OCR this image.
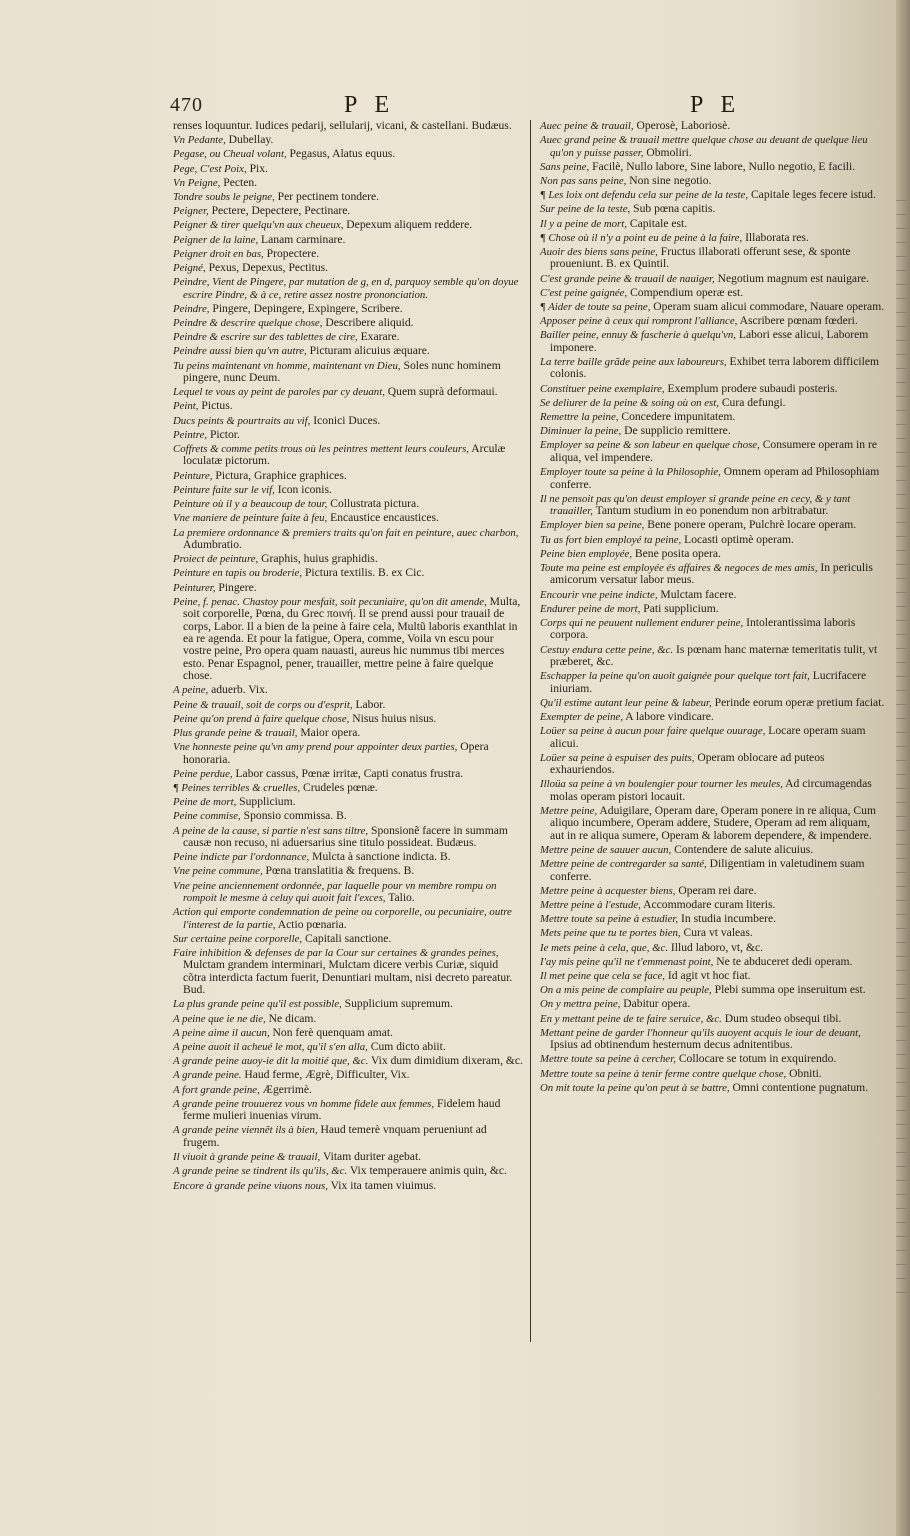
470	P E	P E
renses loquuntur. Iudices pedarij, sellularij, vicani, & castellani. Budæus.
Vn Pedante, Dubellay.
Pegase, ou Cheual volant, Pegasus, Alatus equus.
Pege, C'est Poix, Pix.
Vn Peigne, Pecten.
Tondre soubs le peigne, Per pectinem tondere.
Peigner, Pectere, Depectere, Pectinare.
Peigner & tirer quelqu'vn aux cheueux, Depexum aliquem reddere.
Peigner de la laine, Lanam carminare.
Peigner droit en bas, Propectere.
Peigné, Pexus, Depexus, Pectitus.
Peindre, Vient de Pingere, par mutation de g, en d, parquoy semble qu'on doyue escrire Pindre, & à ce, retire assez nostre prononciation.
Peindre, Pingere, Depingere, Expingere, Scribere.
Peindre & descrire quelque chose, Describere aliquid.
Peindre & escrire sur des tablettes de cire, Exarare.
Peindre aussi bien qu'vn autre, Picturam alicuius æquare.
Tu peins maintenant vn homme, maintenant vn Dieu, Soles nunc hominem pingere, nunc Deum.
Lequel te vous ay peint de paroles par cy deuant, Quem suprà deformaui.
Peint, Pictus.
Ducs peints & pourtraits au vif, Iconici Duces.
Peintre, Pictor.
Coffrets & comme petits trous où les peintres mettent leurs couleurs, Arculæ loculatæ pictorum.
Peinture, Pictura, Graphice graphices.
Peinture faite sur le vif, Icon iconis.
Peinture où il y a beaucoup de tour, Collustrata pictura.
Vne maniere de peinture faite à feu, Encaustice encaustices.
La premiere ordonnance & premiers traits qu'on fait en peinture, auec charbon, Adumbratio.
Proiect de peinture, Graphis, huius graphidis.
Peinture en tapis ou broderie, Pictura textilis. B. ex Cic.
Peinturer, Pingere.
Peine, f. penac. Chastoy pour mesfait, soit pecuniaire, qu'on dit amende, Multa, soit corporelle, Pœna, du Grec ποινή. Il se prend aussi pour trauail de corps, Labor. Il a bien de la peine à faire cela, Multũ laboris exanthlat in ea re agenda. Et pour la fatigue, Opera, comme, Voila vn escu pour vostre peine, Pro opera quam nauasti, aureus hic nummus tibi merces esto. Penar Espagnol, pener, trauailler, mettre peine à faire quelque chose.
A peine, aduerb. Vix.
Peine & trauail, soit de corps ou d'esprit, Labor.
Peine qu'on prend à faire quelque chose, Nisus huius nisus.
Plus grande peine & trauail, Maior opera.
Vne honneste peine qu'vn amy prend pour appointer deux parties, Opera honoraria.
Peine perdue, Labor cassus, Pœnæ irritæ, Capti conatus frustra.
¶ Peines terribles & cruelles, Crudeles pœnæ.
Peine de mort, Supplicium.
Peine commise, Sponsio commissa. B.
A peine de la cause, si partie n'est sans tiltre, Sponsionẽ facere in summam causæ non recuso, ni aduersarius sine titulo possideat. Budæus.
Peine indicte par l'ordonnance, Mulcta à sanctione indicta. B.
Vne peine commune, Pœna translatitia & frequens. B.
Vne peine anciennement ordonnée, par laquelle pour vn membre rompu on rompoit le mesme à celuy qui auoit fait l'exces, Talio.
Action qui emporte condemnation de peine ou corporelle, ou pecuniaire, outre l'interest de la partie, Actio pœnaria.
Sur certaine peine corporelle, Capitali sanctione.
Faire inhibition & defenses de par la Cour sur certaines & grandes peines, Mulctam grandem interminari, Mulctam dicere verbis Curiæ, siquid cõtra interdicta factum fuerit, Denuntiari multam, nisi decreto pareatur. Bud.
La plus grande peine qu'il est possible, Supplicium supremum.
A peine que ie ne die, Ne dicam.
A peine aime il aucun, Non ferè quenquam amat.
A peine auoit il acheué le mot, qu'il s'en alla, Cum dicto abiit.
A grande peine auoy-ie dit la moitié que, &c. Vix dum dimidium dixeram, &c.
A grande peine. Haud ferme, Ægrè, Difficulter, Vix.
A fort grande peine, Ægerrimè.
A grande peine trouuerez vous vn homme fidele aux femmes, Fidelem haud ferme mulieri inuenias virum.
A grande peine viennẽt ils à bien, Haud temerè vnquam perueniunt ad frugem.
Il viuoit à grande peine & trauail, Vitam duriter agebat.
A grande peine se tindrent ils qu'ils, &c. Vix temperauere animis quin, &c.
Encore à grande peine viuons nous, Vix ita tamen viuimus.
Auec peine & trauail, Operosè, Laboriosè.
Auec grand peine & trauail mettre quelque chose au deuant de quelque lieu qu'on y puisse passer, Obmoliri.
Sans peine, Facilè, Nullo labore, Sine labore, Nullo negotio, E facili.
Non pas sans peine, Non sine negotio.
¶ Les loix ont defendu cela sur peine de la teste, Capitale leges fecere istud.
Sur peine de la teste, Sub pœna capitis.
Il y a peine de mort, Capitale est.
¶ Chose où il n'y a point eu de peine à la faire, Illaborata res.
Auoir des biens sans peine, Fructus illaborati offerunt sese, & sponte proueniunt. B. ex Quintil.
C'est grande peine & trauail de nauiger, Negotium magnum est nauigare.
C'est peine gaignée, Compendium operæ est.
¶ Aider de toute sa peine, Operam suam alicui commodare, Nauare operam.
Apposer peine à ceux qui rompront l'alliance, Ascribere pœnam fœderi.
Bailler peine, ennuy & fascherie à quelqu'vn, Labori esse alicui, Laborem imponere.
La terre baille grãde peine aux laboureurs, Exhibet terra laborem difficilem colonis.
Constituer peine exemplaire, Exemplum prodere subaudi posteris.
Se deliurer de la peine & soing où on est, Cura defungi.
Remettre la peine, Concedere impunitatem.
Diminuer la peine, De supplicio remittere.
Employer sa peine & son labeur en quelque chose, Consumere operam in re aliqua, vel impendere.
Employer toute sa peine à la Philosophie, Omnem operam ad Philosophiam conferre.
Il ne pensoit pas qu'on deust employer si grande peine en cecy, & y tant trauailler, Tantum studium in eo ponendum non arbitrabatur.
Employer bien sa peine, Bene ponere operam, Pulchrè locare operam.
Tu as fort bien employé ta peine, Locasti optimè operam.
Peine bien employée, Bene posita opera.
Toute ma peine est employée és affaires & negoces de mes amis, In periculis amicorum versatur labor meus.
Encourir vne peine indicte, Mulctam facere.
Endurer peine de mort, Pati supplicium.
Corps qui ne peuuent nullement endurer peine, Intolerantissima laboris corpora.
Cestuy endura cette peine, &c. Is pœnam hanc maternæ temeritatis tulit, vt præberet, &c.
Eschapper la peine qu'on auoit gaignée pour quelque tort fait, Lucrifacere iniuriam.
Qu'il estime autant leur peine & labeur, Perinde eorum operæ pretium faciat.
Exempter de peine, A labore vindicare.
Loüer sa peine à aucun pour faire quelque ouurage, Locare operam suam alicui.
Loüer sa peine à espuiser des puits, Operam oblocare ad puteos exhauriendos.
Illoüa sa peine à vn boulengier pour tourner les meules, Ad circumagendas molas operam pistori locauit.
Mettre peine, Aduigilare, Operam dare, Operam ponere in re aliqua, Cum aliquo incumbere, Operam addere, Studere, Operam ad rem aliquam, aut in re aliqua sumere, Operam & laborem dependere, & impendere.
Mettre peine de sauuer aucun, Contendere de salute alicuius.
Mettre peine de contregarder sa santé, Diligentiam in valetudinem suam conferre.
Mettre peine à acquester biens, Operam rei dare.
Mettre peine à l'estude, Accommodare curam literis.
Mettre toute sa peine à estudier, In studia incumbere.
Mets peine que tu te portes bien, Cura vt valeas.
Ie mets peine à cela, que, &c. Illud laboro, vt, &c.
I'ay mis peine qu'il ne t'emmenast point, Ne te abduceret dedi operam.
Il met peine que cela se face, Id agit vt hoc fiat.
On a mis peine de complaire au peuple, Plebi summa ope inseruitum est.
On y mettra peine, Dabitur opera.
En y mettant peine de te faire seruice, &c. Dum studeo obsequi tibi.
Mettant peine de garder l'honneur qu'ils auoyent acquis le iour de deuant, Ipsius ad obtinendum hesternum decus adnitentibus.
Mettre toute sa peine à cercher, Collocare se totum in exquirendo.
Mettre toute sa peine à tenir ferme contre quelque chose, Obniti.
On mit toute la peine qu'on peut à se battre, Omni contentione pugnatum.
